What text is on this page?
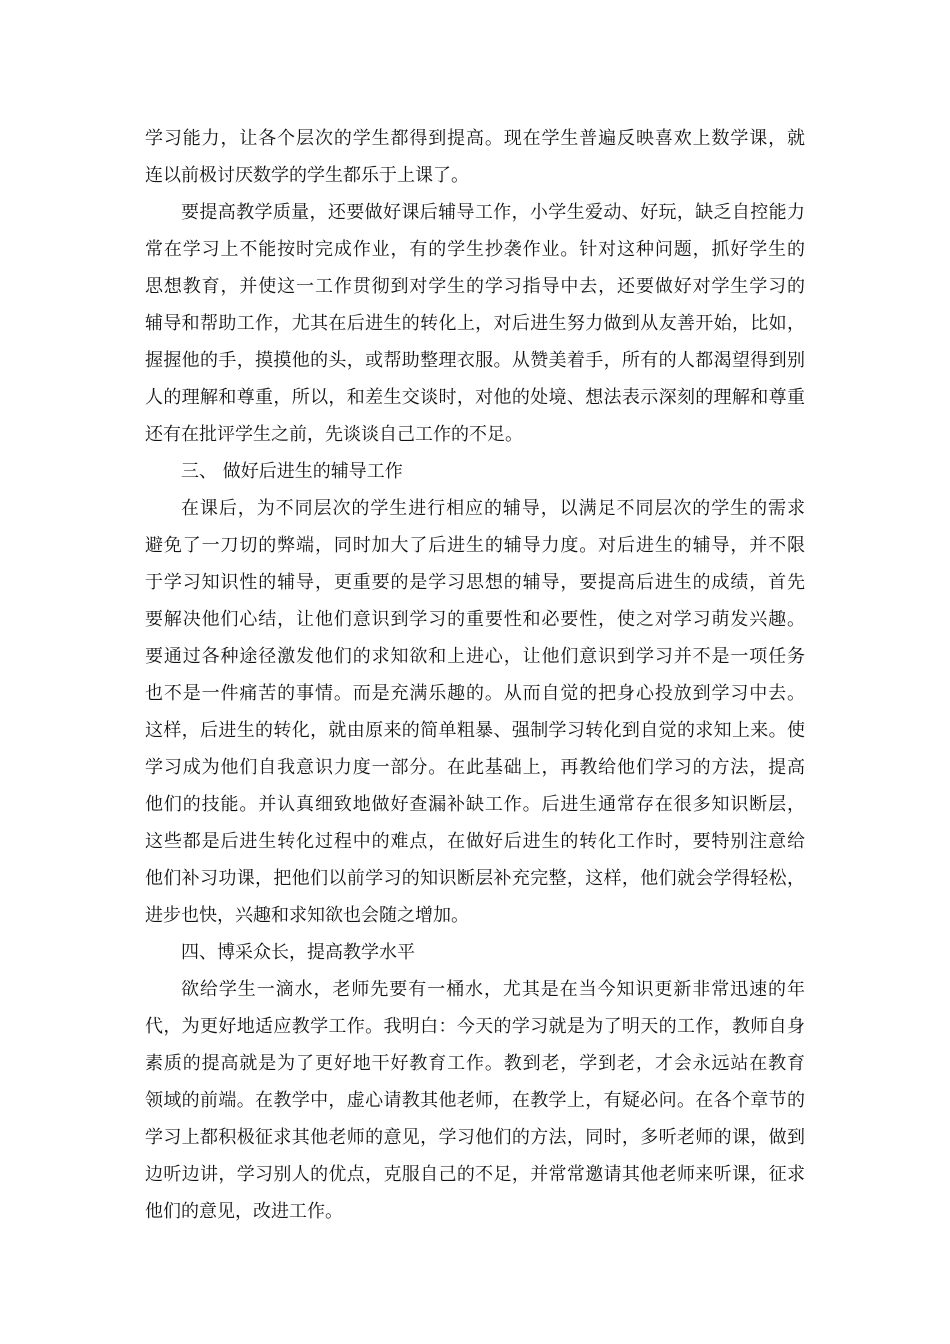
学习能力，让各个层次的学生都得到提高。现在学生普遍反映喜欢上数学课，就

连以前极讨厌数学的学生都乐于上课了。

要提高教学质量，还要做好课后辅导工作，小学生爱动、好玩，缺乏自控能力

常在学习上不能按时完成作业，有的学生抄袭作业。针对这种问题，抓好学生的

思想教育，并使这一工作贯彻到对学生的学习指导中去，还要做好对学生学习的

辅导和帮助工作，尤其在后进生的转化上，对后进生努力做到从友善开始，比如，

握握他的手，摸摸他的头，或帮助整理衣服。从赞美着手，所有的人都渴望得到别

人的理解和尊重，所以，和差生交谈时，对他的处境、想法表示深刻的理解和尊重

还有在批评学生之前，先谈谈自己工作的不足。

三、 做好后进生的辅导工作

在课后，为不同层次的学生进行相应的辅导，以满足不同层次的学生的需求

避免了一刀切的弊端，同时加大了后进生的辅导力度。对后进生的辅导，并不限

于学习知识性的辅导，更重要的是学习思想的辅导，要提高后进生的成绩，首先

要解决他们心结，让他们意识到学习的重要性和必要性，使之对学习萌发兴趣。

要通过各种途径激发他们的求知欲和上进心，让他们意识到学习并不是一项任务

也不是一件痛苦的事情。而是充满乐趣的。从而自觉的把身心投放到学习中去。

这样，后进生的转化，就由原来的简单粗暴、强制学习转化到自觉的求知上来。使

学习成为他们自我意识力度一部分。在此基础上，再教给他们学习的方法，提高

他们的技能。并认真细致地做好查漏补缺工作。后进生通常存在很多知识断层，

这些都是后进生转化过程中的难点，在做好后进生的转化工作时，要特别注意给

他们补习功课，把他们以前学习的知识断层补充完整，这样，他们就会学得轻松，

进步也快，兴趣和求知欲也会随之增加。

四、博采众长，提高教学水平

欲给学生一滴水，老师先要有一桶水，尤其是在当今知识更新非常迅速的年

代，为更好地适应教学工作。我明白：今天的学习就是为了明天的工作，教师自身

素质的提高就是为了更好地干好教育工作。教到老，学到老，才会永远站在教育

领域的前端。在教学中，虚心请教其他老师，在教学上，有疑必问。在各个章节的

学习上都积极征求其他老师的意见，学习他们的方法，同时，多听老师的课，做到

边听边讲，学习别人的优点，克服自己的不足，并常常邀请其他老师来听课，征求

他们的意见，改进工作。
